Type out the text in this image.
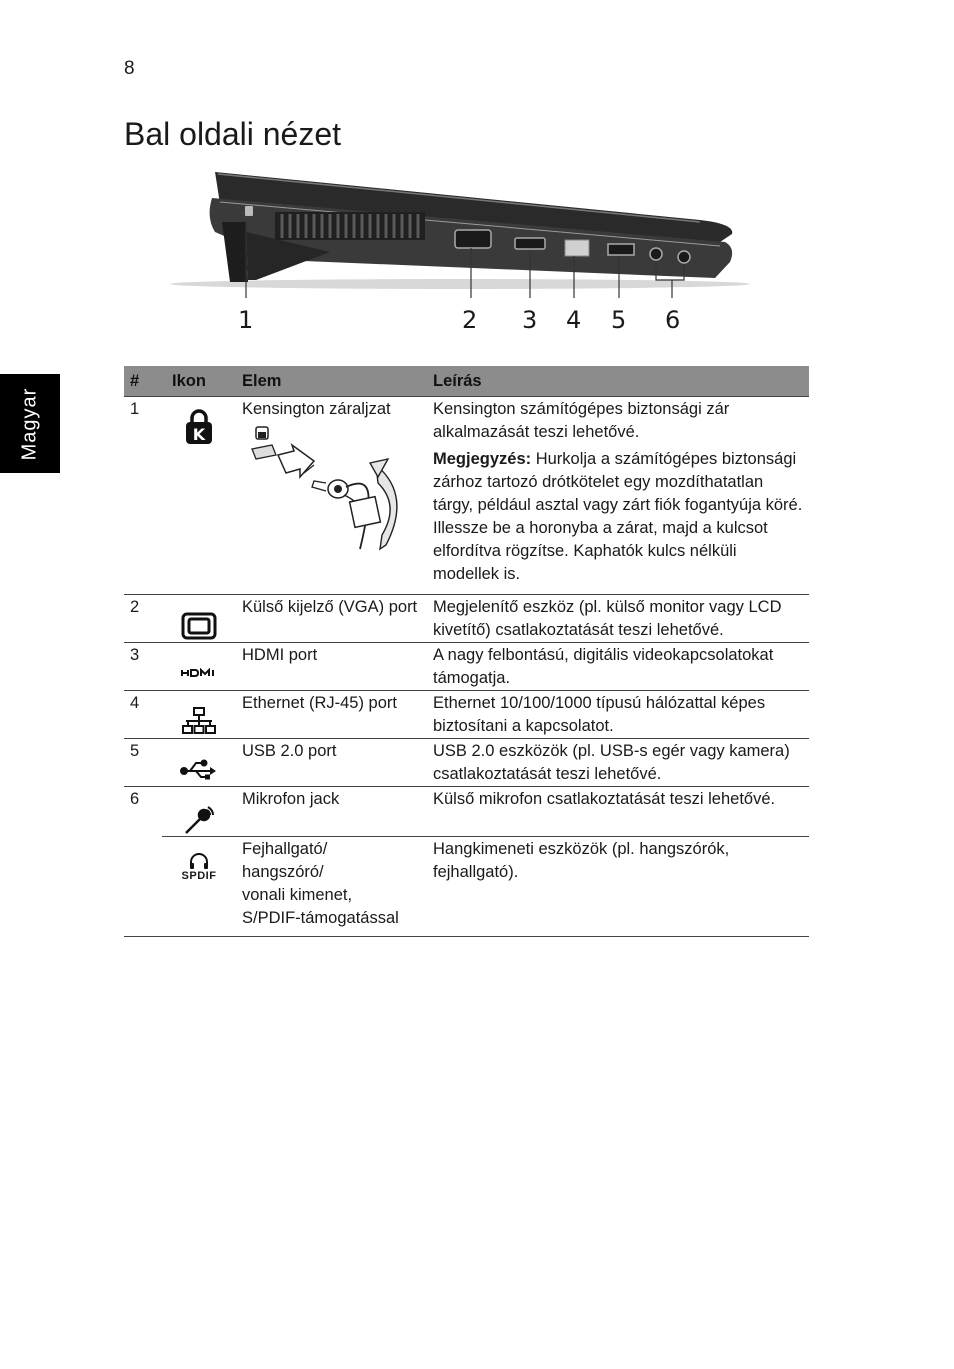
8
Bal oldali nézet
Magyar
1	2 3 4 5 6
#	Ikon	Elem	Leírás
1	K	Kensington záraljzat	Kensington számítógépes biztonsági zár alkalmazását teszi lehetővé.

Megjegyzés: Hurkolja a számítógépes biztonsági zárhoz tartozó drótkötelet egy mozdíthatatlan tárgy, például asztal vagy zárt fiók fogantyúja köré. Illessze be a horonyba a zárat, majd a kulcsot elfordítva rögzítse. Kaphatók kulcs nélküli modellek is.

2		Külső kijelző (VGA) port	Megjelenítő eszköz (pl. külső monitor vagy LCD kivetítő) csatlakoztatását teszi lehetővé.
3		HDMI port	A nagy felbontású, digitális videokapcsolatokat támogatja.
4		Ethernet (RJ-45) port	Ethernet 10/100/1000 típusú hálózattal képes biztosítani a kapcsolatot.
5		USB 2.0 port	USB 2.0 eszközök (pl. USB-s egér vagy kamera) csatlakoztatását teszi lehetővé.
6		Mikrofon jack	Külső mikrofon csatlakoztatását teszi lehetővé.

	SPDIF	Fejhallgató/
hangszóró/
vonali kimenet,
S/PDIF-támogatással	Hangkimeneti eszközök (pl. hangszórók, fejhallgató).
